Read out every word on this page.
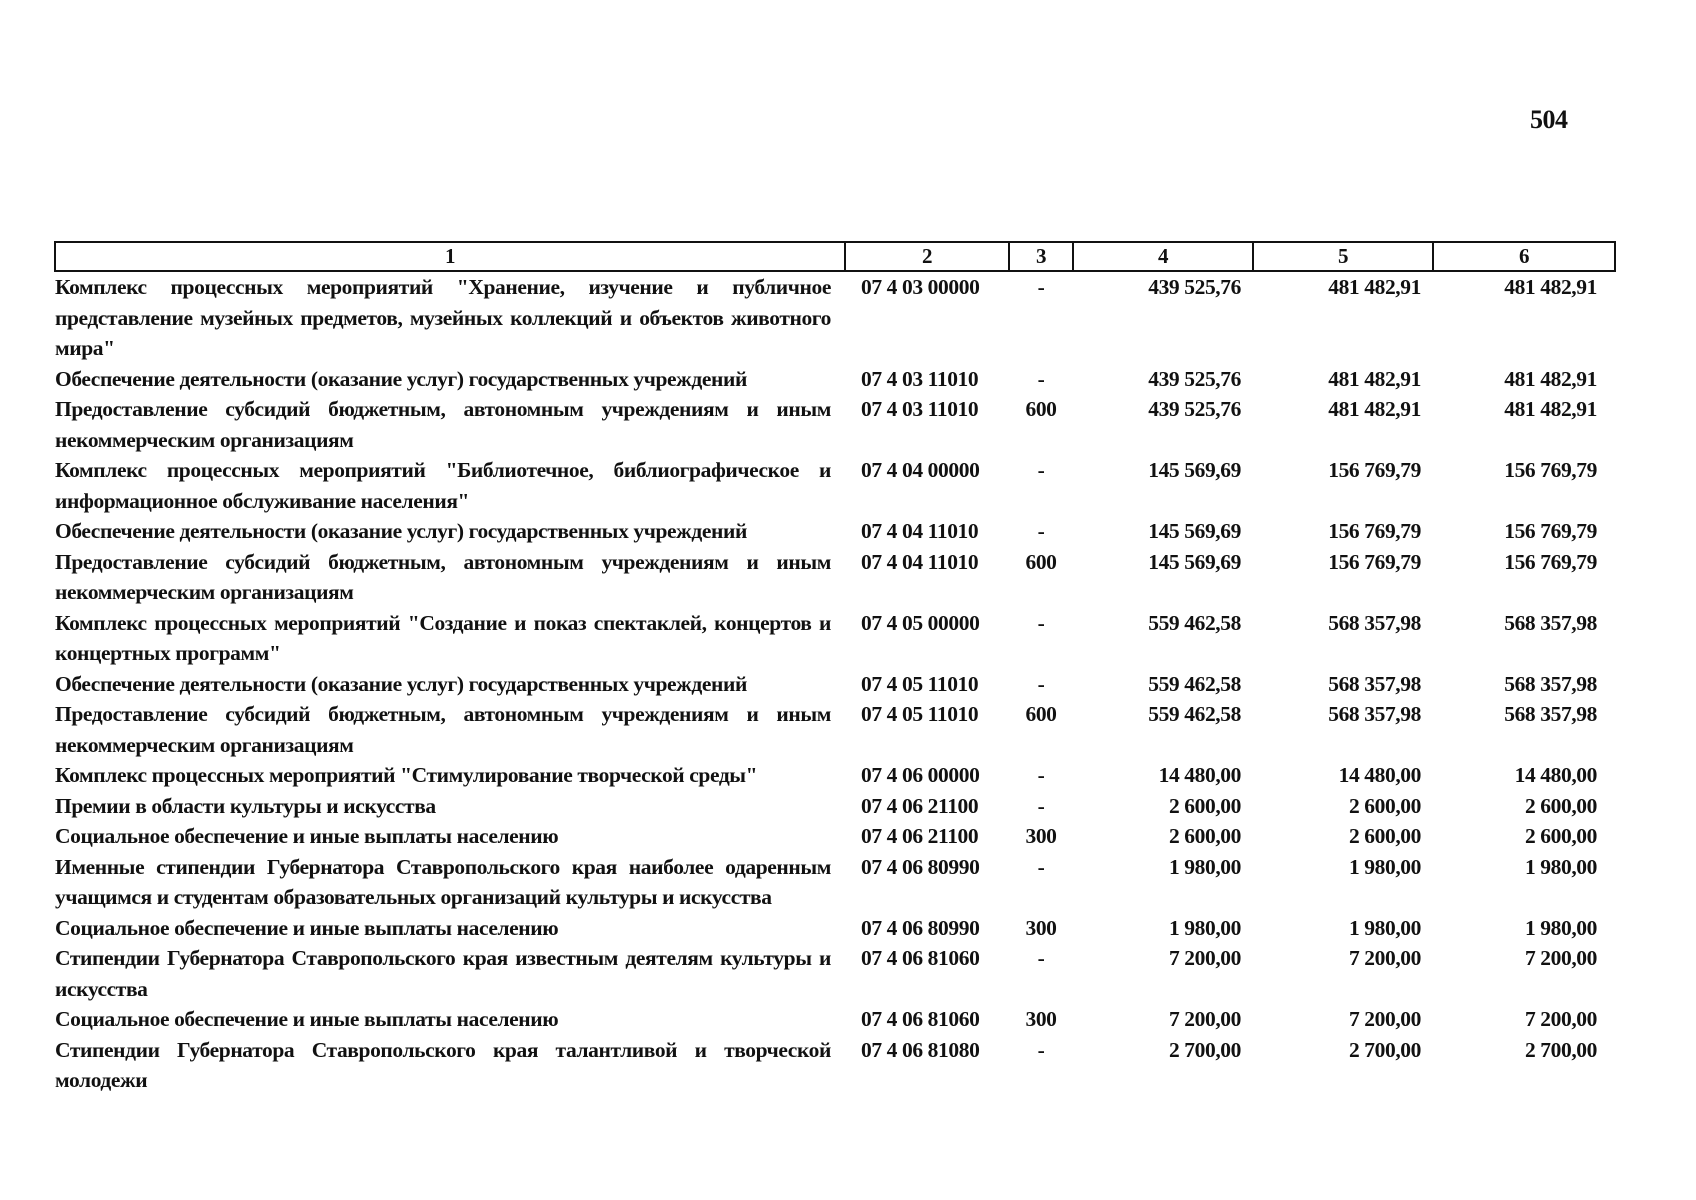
504
1	2	3	4	5	6
Комплекс процессных мероприятий "Хранение, изучение и публичное представление музейных предметов, музейных коллекций и объектов животного мира"	07 4 03 00000	-	439 525,76	481 482,91	481 482,91
Обеспечение деятельности (оказание услуг) государственных учреждений	07 4 03 11010	-	439 525,76	481 482,91	481 482,91
Предоставление субсидий бюджетным, автономным учреждениям и иным некоммерческим организациям	07 4 03 11010	600	439 525,76	481 482,91	481 482,91
Комплекс процессных мероприятий "Библиотечное, библиографическое и информационное обслуживание населения"	07 4 04 00000	-	145 569,69	156 769,79	156 769,79
Обеспечение деятельности (оказание услуг) государственных учреждений	07 4 04 11010	-	145 569,69	156 769,79	156 769,79
Предоставление субсидий бюджетным, автономным учреждениям и иным некоммерческим организациям	07 4 04 11010	600	145 569,69	156 769,79	156 769,79
Комплекс процессных мероприятий "Создание и показ спектаклей, концертов и концертных программ"	07 4 05 00000	-	559 462,58	568 357,98	568 357,98
Обеспечение деятельности (оказание услуг) государственных учреждений	07 4 05 11010	-	559 462,58	568 357,98	568 357,98
Предоставление субсидий бюджетным, автономным учреждениям и иным некоммерческим организациям	07 4 05 11010	600	559 462,58	568 357,98	568 357,98
Комплекс процессных мероприятий "Стимулирование творческой среды"	07 4 06 00000	-	14 480,00	14 480,00	14 480,00
Премии в области культуры и искусства	07 4 06 21100	-	2 600,00	2 600,00	2 600,00
Социальное обеспечение и иные выплаты населению	07 4 06 21100	300	2 600,00	2 600,00	2 600,00
Именные стипендии Губернатора Ставропольского края наиболее одаренным учащимся и студентам образовательных организаций культуры и искусства	07 4 06 80990	-	1 980,00	1 980,00	1 980,00
Социальное обеспечение и иные выплаты населению	07 4 06 80990	300	1 980,00	1 980,00	1 980,00
Стипендии Губернатора Ставропольского края известным деятелям культуры и искусства	07 4 06 81060	-	7 200,00	7 200,00	7 200,00
Социальное обеспечение и иные выплаты населению	07 4 06 81060	300	7 200,00	7 200,00	7 200,00
Стипендии Губернатора Ставропольского края талантливой и творческой молодежи	07 4 06 81080	-	2 700,00	2 700,00	2 700,00
